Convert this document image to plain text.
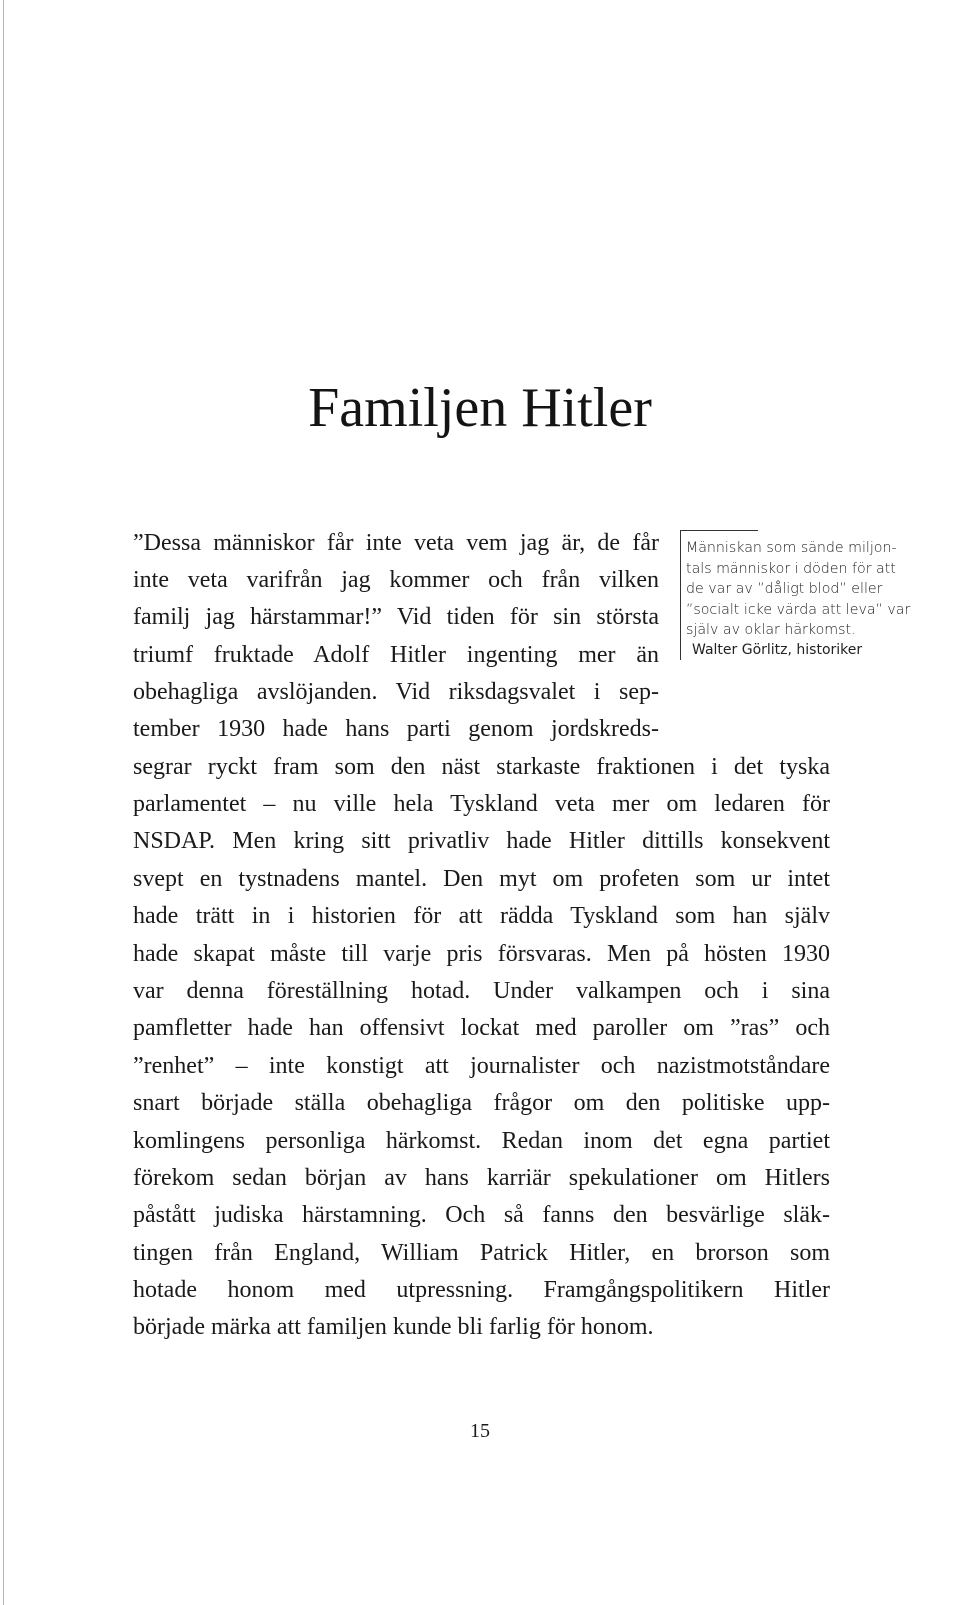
Familjen Hitler

Människan som sände miljon-
tals människor i döden för att
de var av ”dåligt blod” eller
”socialt icke värda att leva” var
själv av oklar härkomst.

Walter Görlitz, historiker
”Dessa människor får inte veta vem jag är, de får
inte veta varifrån jag kommer och från vilken
familj jag härstammar!” Vid tiden för sin största
triumf fruktade Adolf Hitler ingenting mer än
obehagliga avslöjanden. Vid riksdagsvalet i sep-
tember 1930 hade hans parti genom jordskreds-
segrar ryckt fram som den näst starkaste fraktionen i det tyska
parlamentet – nu ville hela Tyskland veta mer om ledaren för
NSDAP. Men kring sitt privatliv hade Hitler dittills konsekvent
svept en tystnadens mantel. Den myt om profeten som ur intet
hade trätt in i historien för att rädda Tyskland som han själv
hade skapat måste till varje pris försvaras. Men på hösten 1930
var denna föreställning hotad. Under valkampen och i sina
pamfletter hade han offensivt lockat med paroller om ”ras” och
”renhet” – inte konstigt att journalister och nazistmotståndare
snart började ställa obehagliga frågor om den politiske upp-
komlingens personliga härkomst. Redan inom det egna partiet
förekom sedan början av hans karriär spekulationer om Hitlers
påstått judiska härstamning. Och så fanns den besvärlige släk-
tingen från England, William Patrick Hitler, en brorson som
hotade honom med utpressning. Framgångspolitikern Hitler
började märka att familjen kunde bli farlig för honom.
15
